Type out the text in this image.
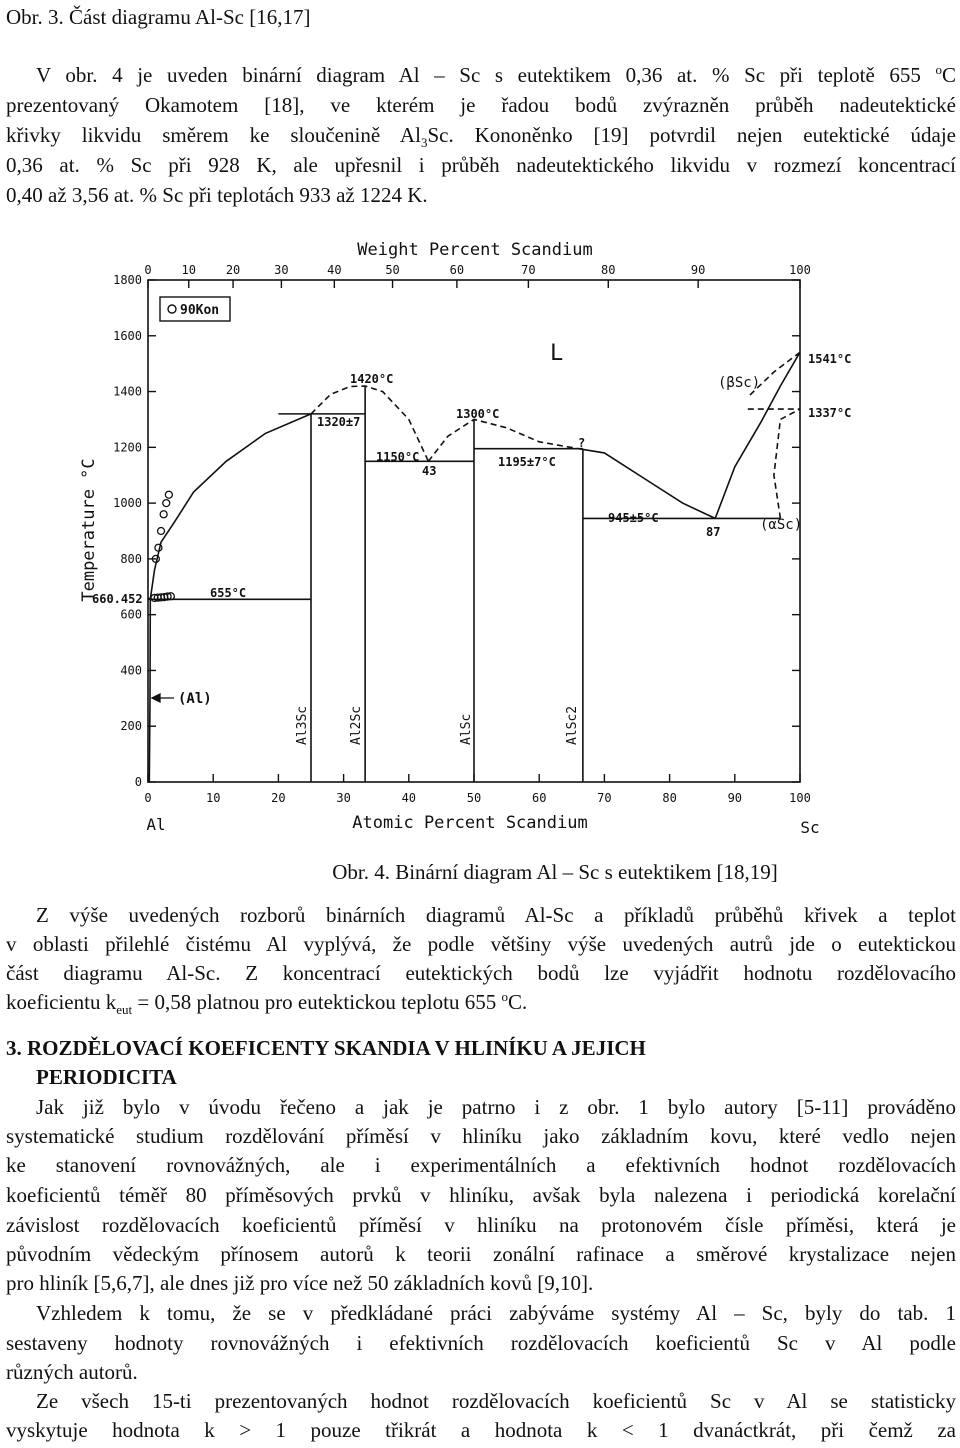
Obr. 3. Část diagramu Al-Sc [16,17]
V obr. 4 je uveden binární diagram Al – Sc s eutektikem 0,36 at. % Sc při teplotě 655 $^o$C
prezentovaný Okamotem [18], ve kterém je řadou bodů zvýrazněn průběh nadeutektické
křivky likvidu směrem ke sloučenině $Al_3Sc$. Kononěnko [19] potvrdil nejen eutektické údaje
0,36 at. % Sc při 928 K, ale upřesnil i průběh nadeutektického likvidu v rozmezí koncentrací
0,40 až 3,56 at. % Sc při teplotách 933 až 1224 K.
0	10	20	30	40	50	60	70	80	90	100
0 10 20	30	40	50	60	70	80	90	100
1800
1600
1400
1200
1000
800
600
400
200
0
Weight Percent Scandium
Atomic Percent Scandium
Temperature °C
Al	Sc
90Kon
L
1420°C
1320±7
1300°C
1150°C
43
1195±7°C
?
945±5°C
87
1541°C
1337°C
(βSc)
(αSc)
660.452	655°C
(Al)
Al3Sc	Al2Sc	AlSc	AlSc2
Obr. 4. Binární diagram Al – Sc s eutektikem [18,19]
Z výše uvedených rozborů binárních diagramů Al-Sc a příkladů průběhů křivek a teplot
v oblasti přilehlé čistému Al vyplývá, že podle většiny výše uvedených autrů jde o eutektickou
část diagramu Al-Sc. Z koncentrací eutektických bodů lze vyjádřit hodnotu rozdělovacího
koeficientu $k_{eut} = 0,58$ platnou pro eutektickou teplotu 655 $^o$C.
3. ROZDĚLOVACÍ KOEFICENTY SKANDIA V HLINÍKU A JEJICH
PERIODICITA
Jak již bylo v úvodu řečeno a jak je patrno i z obr. 1 bylo autory [5-11] prováděno
systematické studium rozdělování příměsí v hliníku jako základním kovu, které vedlo nejen
ke stanovení rovnovážných, ale i experimentálních a efektivních hodnot rozdělovacích
koeficientů téměř 80 příměsových prvků v hliníku, avšak byla nalezena i periodická korelační
závislost rozdělovacích koeficientů příměsí v hliníku na protonovém čísle příměsi, která je
původním vědeckým přínosem autorů k teorii zonální rafinace a směrové krystalizace nejen
pro hliník [5,6,7], ale dnes již pro více než 50 základních kovů [9,10].
Vzhledem k tomu, že se v předkládané práci zabýváme systémy Al – Sc, byly do tab. 1
sestaveny hodnoty rovnovážných i efektivních rozdělovacích koeficientů Sc v Al podle
různých autorů.
Ze všech 15-ti prezentovaných hodnot rozdělovacích koeficientů Sc v Al se statisticky
vyskytuje hodnota k > 1 pouze třikrát a hodnota k < 1 dvanáctkrát, při čemž za
